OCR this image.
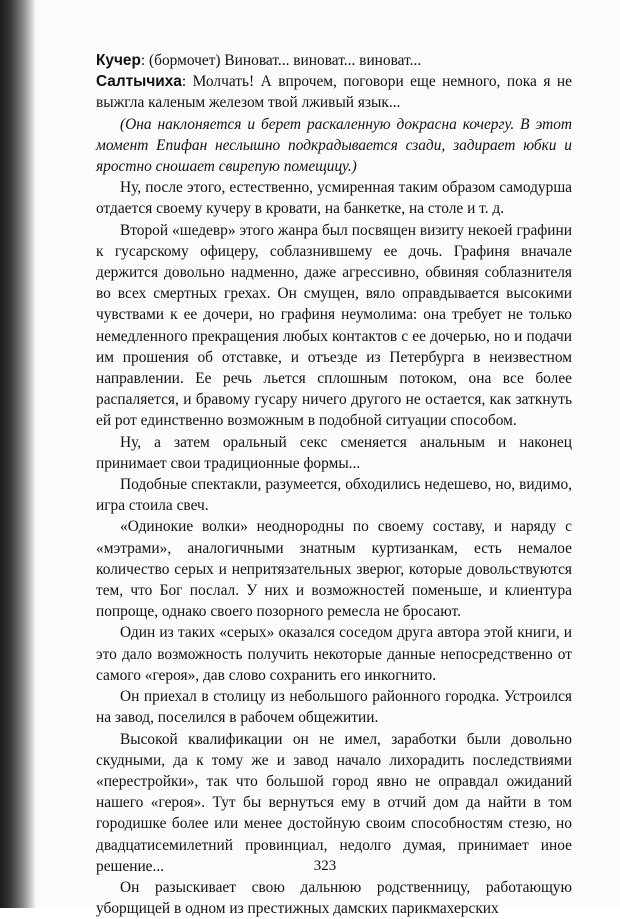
Кучер: (бормочет) Виноват... виноват... виноват...

Салтычиха: Молчать! А впрочем, поговори еще немного, пока я не выжгла каленым железом твой лживый язык...

(Она наклоняется и берет раскаленную докрасна кочергу. В этот момент Епифан неслышно подкрадывается сзади, задирает юбки и яростно сношает свирепую помещицу.)

Ну, после этого, естественно, усмиренная таким образом самодурша отдается своему кучеру в кровати, на банкетке, на столе и т. д.

Второй «шедевр» этого жанра был посвящен визиту некоей графини к гусарскому офицеру, соблазнившему ее дочь. Графиня вначале держится довольно надменно, даже агрессивно, обвиняя соблазнителя во всех смертных грехах. Он смущен, вяло оправдывается высокими чувствами к ее дочери, но графиня неумолима: она требует не только немедленного прекращения любых контактов с ее дочерью, но и подачи им прошения об отставке, и отъезде из Петербурга в неизвестном направлении. Ее речь льется сплошным потоком, она все более распаляется, и бравому гусару ничего другого не остается, как заткнуть ей рот единственно возможным в подобной ситуации способом.

Ну, а затем оральный секс сменяется анальным и наконец принимает свои традиционные формы...

Подобные спектакли, разумеется, обходились недешево, но, видимо, игра стоила свеч.

«Одинокие волки» неоднородны по своему составу, и наряду с «мэтрами», аналогичными знатным куртизанкам, есть немалое количество серых и непритязательных зверюг, которые довольствуются тем, что Бог послал. У них и возможностей поменьше, и клиентура попроще, однако своего позорного ремесла не бросают.

Один из таких «серых» оказался соседом друга автора этой книги, и это дало возможность получить некоторые данные непосредственно от самого «героя», дав слово сохранить его инкогнито.

Он приехал в столицу из небольшого районного городка. Устроился на завод, поселился в рабочем общежитии.

Высокой квалификации он не имел, заработки были довольно скудными, да к тому же и завод начало лихорадить последствиями «перестройки», так что большой город явно не оправдал ожиданий нашего «героя». Тут бы вернуться ему в отчий дом да найти в том городишке более или менее достойную своим способностям стезю, но двадцатисемилетний провинциал, недолго думая, принимает иное решение...

Он разыскивает свою дальнюю родственницу, работающую уборщицей в одном из престижных дамских парикмахерских

323
